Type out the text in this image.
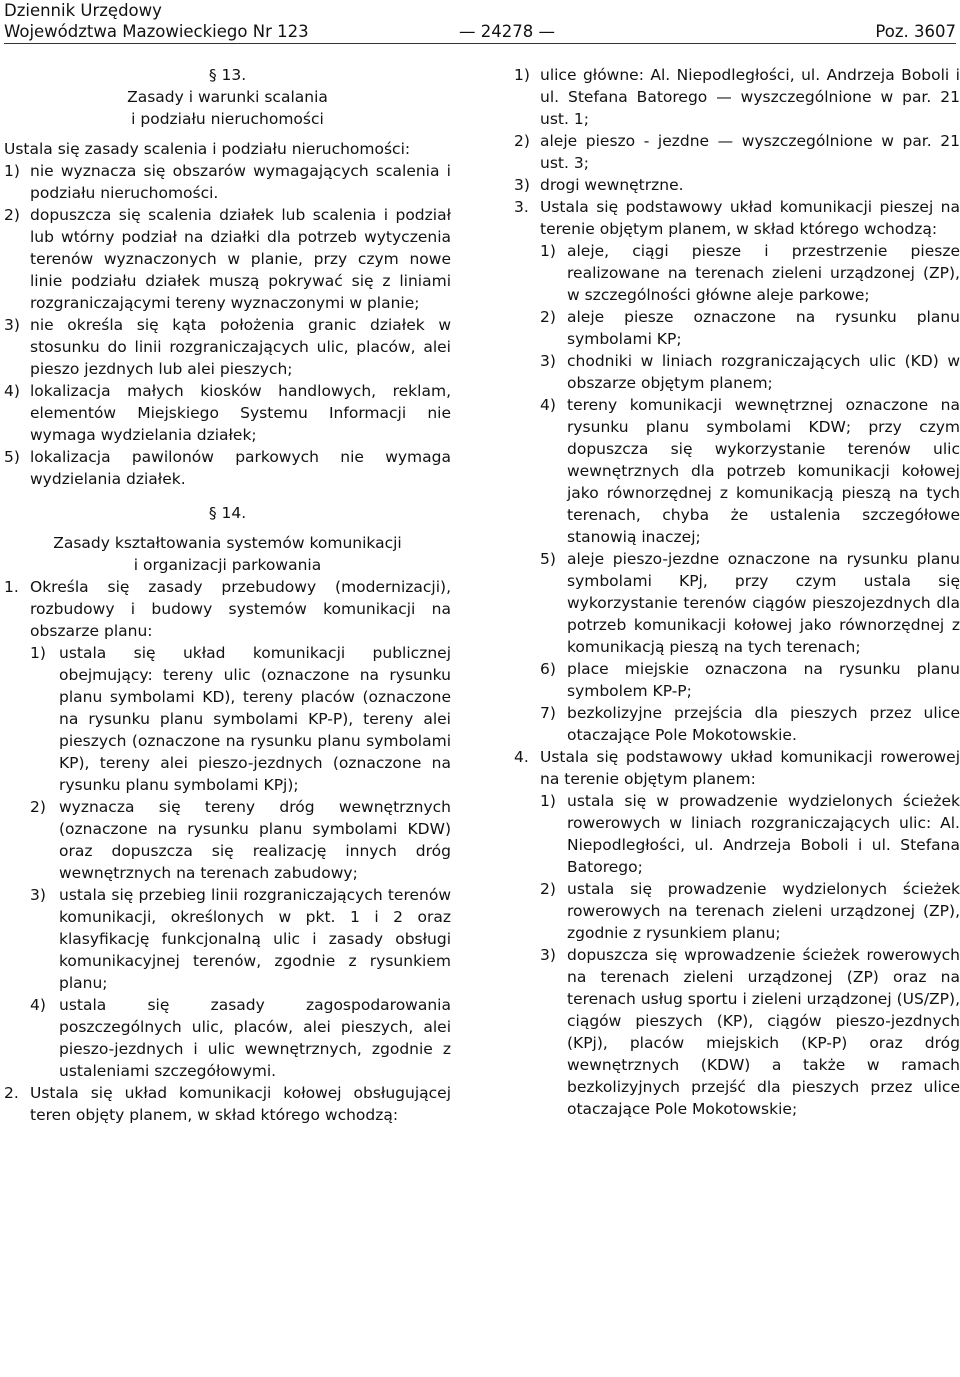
Dziennik Urzędowy
Województwa Mazowieckiego Nr 123	— 24278 —	Poz. 3607

§ 13.

Zasady i warunki scalania

i podziału nieruchomości

Ustala się zasady scalenia i podziału nieruchomości:

1) nie wyznacza się obszarów wymagających scalenia i podziału nieruchomości.

2) dopuszcza się scalenia działek lub scalenia i podział lub wtórny podział na działki dla potrzeb wytyczenia terenów wyznaczonych w planie, przy czym nowe linie podziału działek muszą pokrywać się z liniami rozgraniczającymi tereny wyznaczonymi w planie;

3) nie określa się kąta położenia granic działek w stosunku do linii rozgraniczających ulic, placów, alei pieszo jezdnych lub alei pieszych;

4) lokalizacja małych kiosków handlowych, reklam, elementów Miejskiego Systemu Informacji nie wymaga wydzielania działek;

5) lokalizacja pawilonów parkowych nie wymaga wydzielania działek.

§ 14.

Zasady kształtowania systemów komunikacji

i organizacji parkowania

1. Określa się zasady przebudowy (modernizacji), rozbudowy i budowy systemów komunikacji na obszarze planu:

1) ustala się układ komunikacji publicznej obejmujący: tereny ulic (oznaczone na rysunku planu symbolami KD), tereny placów (oznaczone na rysunku planu symbolami KP-P), tereny alei pieszych (oznaczone na rysunku planu symbolami KP), tereny alei pieszo-jezdnych (oznaczone na rysunku planu symbolami KPj);

2) wyznacza się tereny dróg wewnętrznych (oznaczone na rysunku planu symbolami KDW) oraz dopuszcza się realizację innych dróg wewnętrznych na terenach zabudowy;

3) ustala się przebieg linii rozgraniczających terenów komunikacji, określonych w pkt. 1 i 2 oraz klasyfikację funkcjonalną ulic i zasady obsługi komunikacyjnej terenów, zgodnie z rysunkiem planu;

4) ustala się zasady zagospodarowania poszczególnych ulic, placów, alei pieszych, alei pieszo-jezdnych i ulic wewnętrznych, zgodnie z ustaleniami szczegółowymi.

2. Ustala się układ komunikacji kołowej obsługującej teren objęty planem, w skład którego wchodzą:

1) ulice główne: Al. Niepodległości, ul. Andrzeja Boboli i ul. Stefana Batorego — wyszczególnione w par. 21 ust. 1;

2) aleje pieszo - jezdne — wyszczególnione w par. 21 ust. 3;

3) drogi wewnętrzne.

3. Ustala się podstawowy układ komunikacji pieszej na terenie objętym planem, w skład którego wchodzą:

1) aleje, ciągi piesze i przestrzenie piesze realizowane na terenach zieleni urządzonej (ZP), w szczególności główne aleje parkowe;

2) aleje piesze oznaczone na rysunku planu symbolami KP;

3) chodniki w liniach rozgraniczających ulic (KD) w obszarze objętym planem;

4) tereny komunikacji wewnętrznej oznaczone na rysunku planu symbolami KDW; przy czym dopuszcza się wykorzystanie terenów ulic wewnętrznych dla potrzeb komunikacji kołowej jako równorzędnej z komunikacją pieszą na tych terenach, chyba że ustalenia szczegółowe stanowią inaczej;

5) aleje pieszo-jezdne oznaczone na rysunku planu symbolami KPj, przy czym ustala się wykorzystanie terenów ciągów pieszojezdnych dla potrzeb komunikacji kołowej jako równorzędnej z komunikacją pieszą na tych terenach;

6) place miejskie oznaczona na rysunku planu symbolem KP-P;

7) bezkolizyjne przejścia dla pieszych przez ulice otaczające Pole Mokotowskie.

4. Ustala się podstawowy układ komunikacji rowerowej na terenie objętym planem:

1) ustala się w prowadzenie wydzielonych ścieżek rowerowych w liniach rozgraniczających ulic: Al. Niepodległości, ul. Andrzeja Boboli i ul. Stefana Batorego;

2) ustala się prowadzenie wydzielonych ścieżek rowerowych na terenach zieleni urządzonej (ZP), zgodnie z rysunkiem planu;

3) dopuszcza się wprowadzenie ścieżek rowerowych na terenach zieleni urządzonej (ZP) oraz na terenach usług sportu i zieleni urządzonej (US/ZP), ciągów pieszych (KP), ciągów pieszo-jezdnych (KPj), placów miejskich (KP-P) oraz dróg wewnętrznych (KDW) a także w ramach bezkolizyjnych przejść dla pieszych przez ulice otaczające Pole Mokotowskie;
